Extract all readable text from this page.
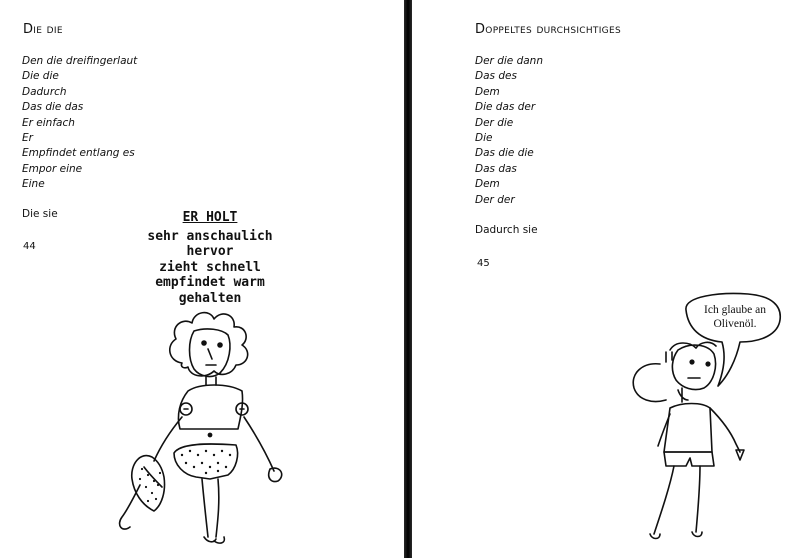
Die die
Den die dreifingerlaut
Die die
Dadurch
Das die das
Er einfach
Er
Empfindet entlang es
Empor eine
Eine
Die sie
44
ER HOLT
sehr anschaulich
hervor
zieht schnell
empfindet warm
gehalten
Doppeltes durchsichtiges
Der die dann
Das des
Dem
Die das der
Der die
Die
Das die die
Das das
Dem
Der der
Dadurch sie
45
Ich glaube an
Olivenöl.
